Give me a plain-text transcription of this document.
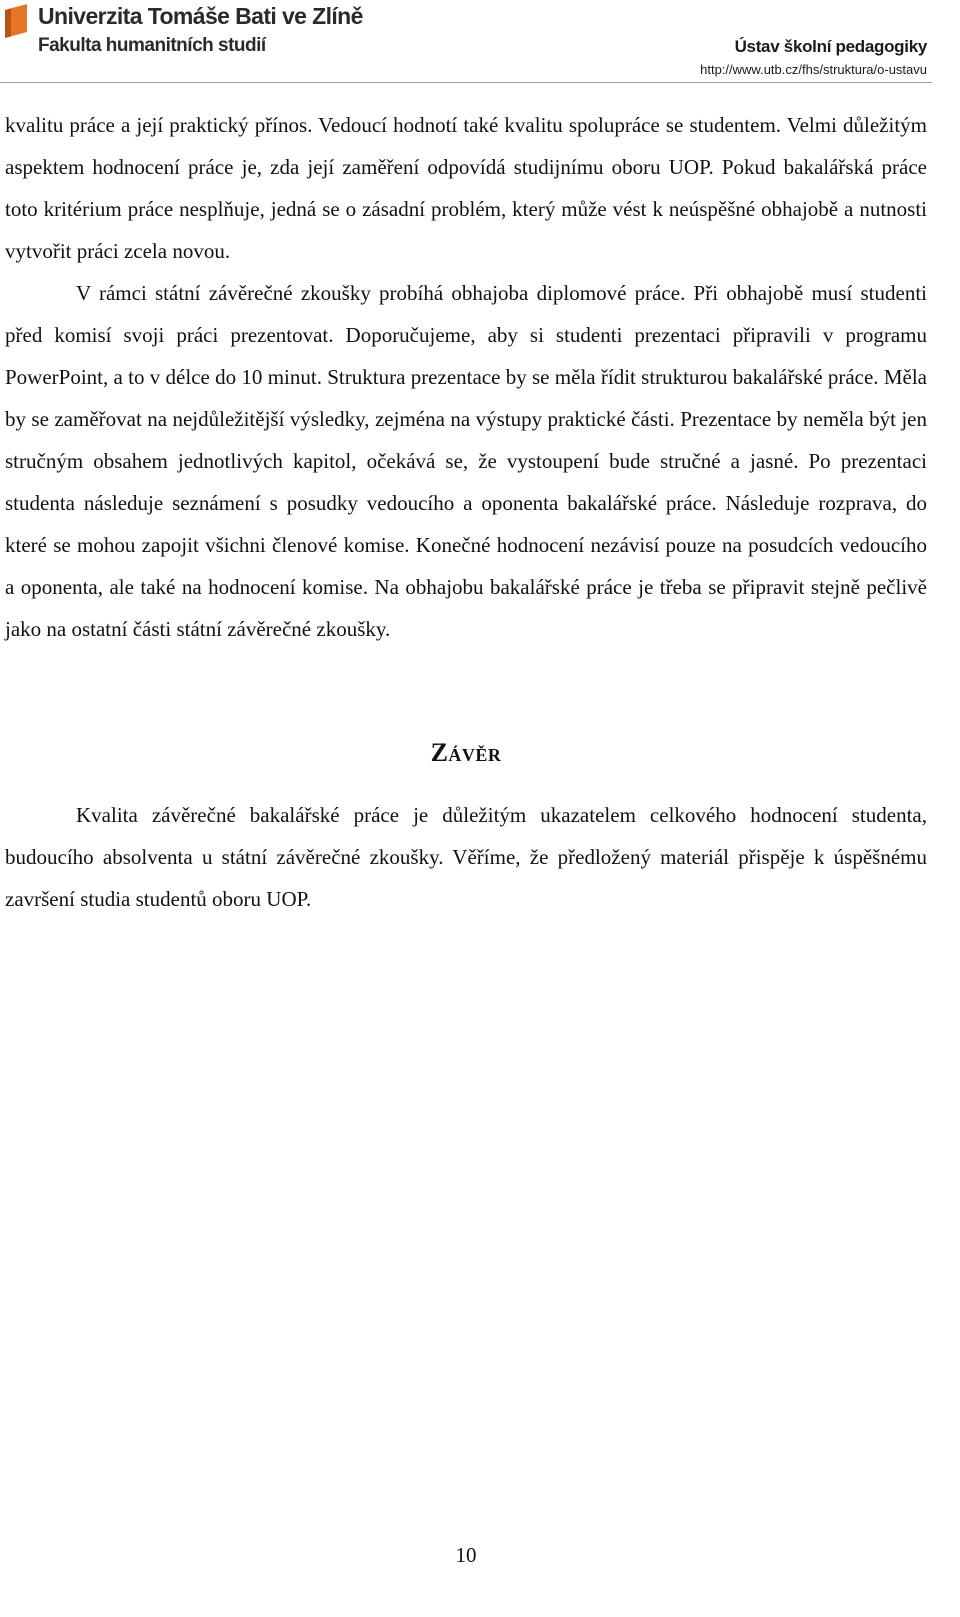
Univerzita Tomáše Bati ve Zlíně
Fakulta humanitních studií	Ústav školní pedagogiky
http://www.utb.cz/fhs/struktura/o-ustavu

kvalitu práce a její praktický přínos. Vedoucí hodnotí také kvalitu spolupráce se studentem. Velmi důležitým aspektem hodnocení práce je, zda její zaměření odpovídá studijnímu oboru UOP. Pokud bakalářská práce toto kritérium práce nesplňuje, jedná se o zásadní problém, který může vést k neúspěšné obhajobě a nutnosti vytvořit práci zcela novou.

V rámci státní závěrečné zkoušky probíhá obhajoba diplomové práce. Při obhajobě musí studenti před komisí svoji práci prezentovat. Doporučujeme, aby si studenti prezentaci připravili v programu PowerPoint, a to v délce do 10 minut. Struktura prezentace by se měla řídit strukturou bakalářské práce. Měla by se zaměřovat na nejdůležitější výsledky, zejména na výstupy praktické části. Prezentace by neměla být jen stručným obsahem jednotlivých kapitol, očekává se, že vystoupení bude stručné a jasné. Po prezentaci studenta následuje seznámení s posudky vedoucího a oponenta bakalářské práce. Následuje rozprava, do které se mohou zapojit všichni členové komise. Konečné hodnocení nezávisí pouze na posudcích vedoucího a oponenta, ale také na hodnocení komise. Na obhajobu bakalářské práce je třeba se připravit stejně pečlivě jako na ostatní části státní závěrečné zkoušky.

Závěr

Kvalita závěrečné bakalářské práce je důležitým ukazatelem celkového hodnocení studenta, budoucího absolventa u státní závěrečné zkoušky. Věříme, že předložený materiál přispěje k úspěšnému završení studia studentů oboru UOP.

10
